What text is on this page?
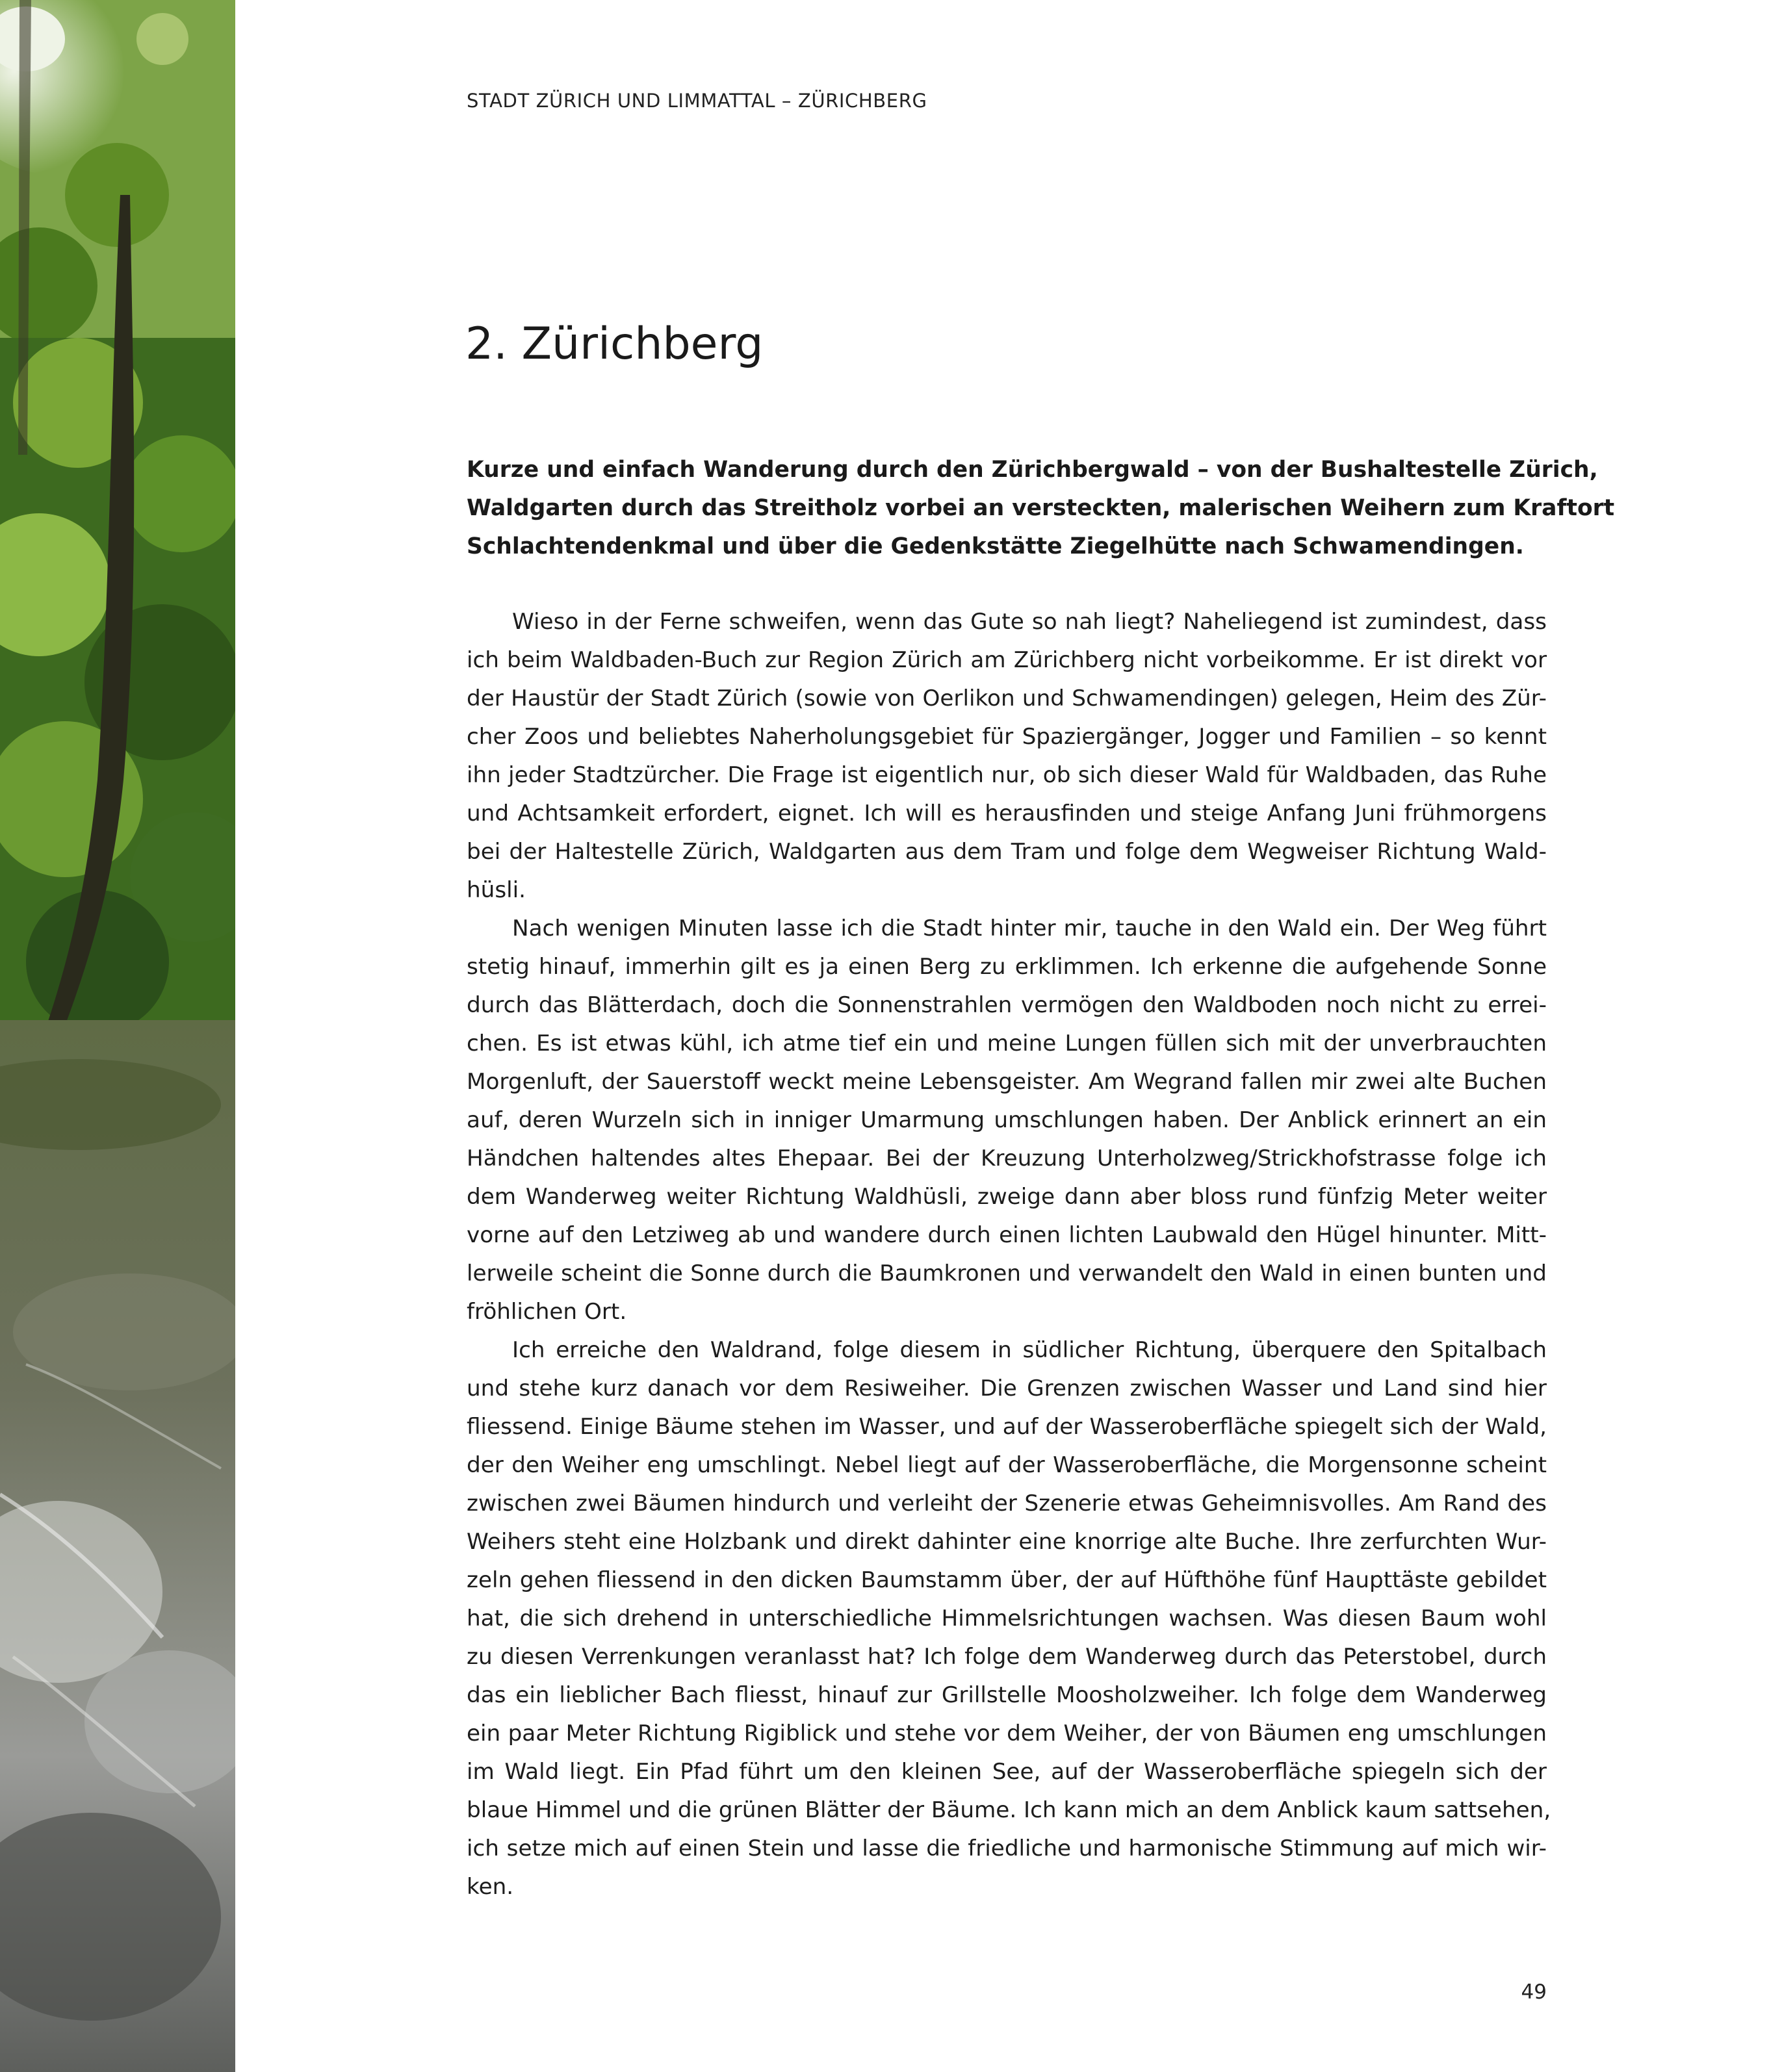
STADT ZÜRICH UND LIMMATTAL – ZÜRICHBERG
2. Zürichberg

Kurze und einfach Wanderung durch den Zürichbergwald – von der Bushaltestelle Zürich,
Waldgarten durch das Streitholz vorbei an versteckten, malerischen Weihern zum Kraftort
Schlachtendenkmal und über die Gedenkstätte Ziegelhütte nach Schwamendingen.

Wieso in der Ferne schweifen, wenn das Gute so nah liegt? Naheliegend ist zumindest, dass
ich beim Waldbaden-Buch zur Region Zürich am Zürichberg nicht vorbeikomme. Er ist direkt vor
der Haustür der Stadt Zürich (sowie von Oerlikon und Schwamendingen) gelegen, Heim des Zür-
cher Zoos und beliebtes Naherholungsgebiet für Spaziergänger, Jogger und Familien – so kennt
ihn jeder Stadtzürcher. Die Frage ist eigentlich nur, ob sich dieser Wald für Waldbaden, das Ruhe
und Achtsamkeit erfordert, eignet. Ich will es herausfinden und steige Anfang Juni frühmorgens
bei der Haltestelle Zürich, Waldgarten aus dem Tram und folge dem Wegweiser Richtung Wald-
hüsli.
Nach wenigen Minuten lasse ich die Stadt hinter mir, tauche in den Wald ein. Der Weg führt
stetig hinauf, immerhin gilt es ja einen Berg zu erklimmen. Ich erkenne die aufgehende Sonne
durch das Blätterdach, doch die Sonnenstrahlen vermögen den Waldboden noch nicht zu errei-
chen. Es ist etwas kühl, ich atme tief ein und meine Lungen füllen sich mit der unverbrauchten
Morgenluft, der Sauerstoff weckt meine Lebensgeister. Am Wegrand fallen mir zwei alte Buchen
auf, deren Wurzeln sich in inniger Umarmung umschlungen haben. Der Anblick erinnert an ein
Händchen haltendes altes Ehepaar. Bei der Kreuzung Unterholzweg/Strickhofstrasse folge ich
dem Wanderweg weiter Richtung Waldhüsli, zweige dann aber bloss rund fünfzig Meter weiter
vorne auf den Letziweg ab und wandere durch einen lichten Laubwald den Hügel hinunter. Mitt-
lerweile scheint die Sonne durch die Baumkronen und verwandelt den Wald in einen bunten und
fröhlichen Ort.
Ich erreiche den Waldrand, folge diesem in südlicher Richtung, überquere den Spitalbach
und stehe kurz danach vor dem Resiweiher. Die Grenzen zwischen Wasser und Land sind hier
fliessend. Einige Bäume stehen im Wasser, und auf der Wasseroberfläche spiegelt sich der Wald,
der den Weiher eng umschlingt. Nebel liegt auf der Wasseroberfläche, die Morgensonne scheint
zwischen zwei Bäumen hindurch und verleiht der Szenerie etwas Geheimnisvolles. Am Rand des
Weihers steht eine Holzbank und direkt dahinter eine knorrige alte Buche. Ihre zerfurchten Wur-
zeln gehen fliessend in den dicken Baumstamm über, der auf Hüfthöhe fünf Haupttäste gebildet
hat, die sich drehend in unterschiedliche Himmelsrichtungen wachsen. Was diesen Baum wohl
zu diesen Verrenkungen veranlasst hat? Ich folge dem Wanderweg durch das Peterstobel, durch
das ein lieblicher Bach fliesst, hinauf zur Grillstelle Moosholzweiher. Ich folge dem Wanderweg
ein paar Meter Richtung Rigiblick und stehe vor dem Weiher, der von Bäumen eng umschlungen
im Wald liegt. Ein Pfad führt um den kleinen See, auf der Wasseroberfläche spiegeln sich der
blaue Himmel und die grünen Blätter der Bäume. Ich kann mich an dem Anblick kaum sattsehen,
ich setze mich auf einen Stein und lasse die friedliche und harmonische Stimmung auf mich wir-
ken.
49
